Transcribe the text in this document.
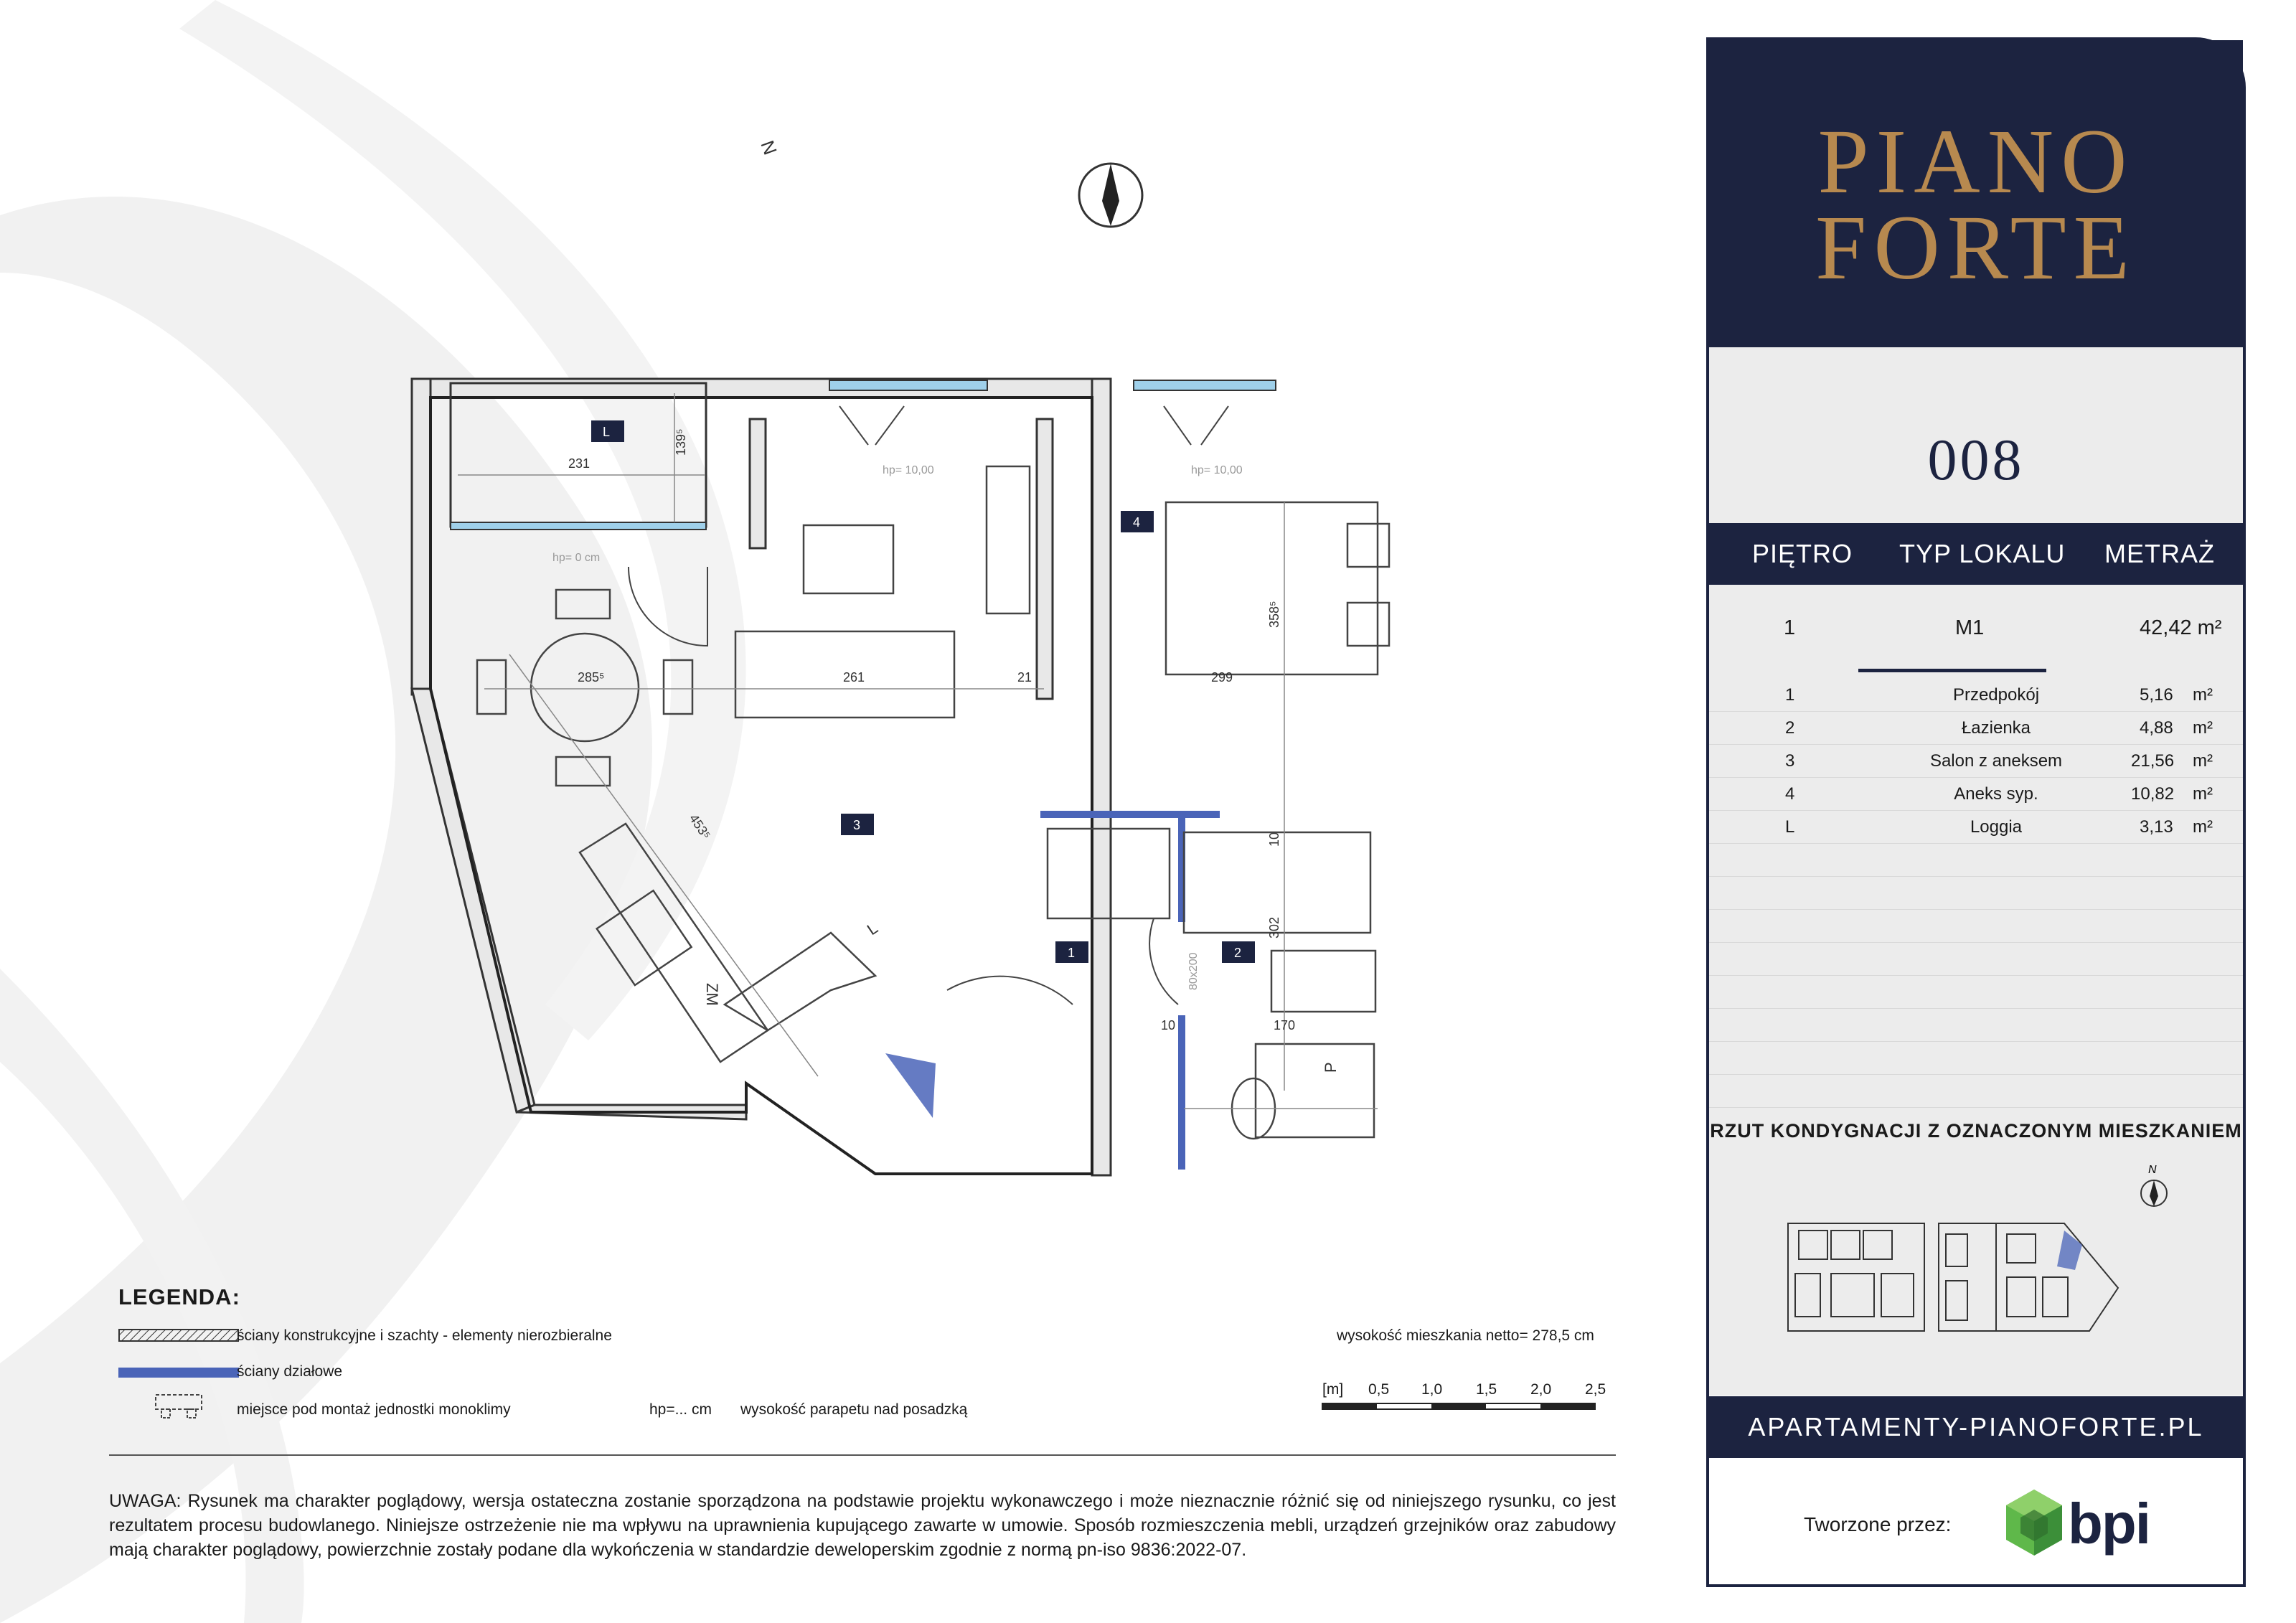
N
231
139⁵
hp= 10,00	hp= 10,00
hp= 0 cm
285⁵	261	21	299
358⁵
453⁵	10
302
80x200
10	170
ZM
L
P
L
4
3
1	2
LEGENDA:
ściany konstrukcyjne i szachty - elementy nierozbieralne
ściany działowe
miejsce pod montaż jednostki monoklimy	hp=... cm wysokość parapetu nad posadzką
wysokość mieszkania netto= 278,5 cm
[m] 0,5 1,0 1,5 2,0 2,5
UWAGA: Rysunek ma charakter poglądowy, wersja ostateczna zostanie sporządzona na podstawie projektu wykonawczego i może nieznacznie różnić się od niniejszego rysunku, co jest rezultatem procesu budowlanego. Niniejsze ostrzeżenie nie ma wpływu na uprawnienia kupującego zawarte w umowie. Sposób rozmieszczenia mebli, urządzeń grzejników oraz zabudowy mają charakter poglądowy, powierzchnie zostały podane dla wykończenia w standardzie deweloperskim zgodnie z normą pn-iso 9836:2022-07.
PIANO
FORTE
008
PIĘTRO TYP LOKALU METRAŻ
1	M1	42,42 m²
1	Przedpokój	5,16 m²
2	Łazienka	4,88 m²
3	Salon z aneksem	21,56 m²
4	Aneks syp.	10,82 m²
L	Loggia	3,13 m²
RZUT KONDYGNACJI Z OZNACZONYM MIESZKANIEM
N
APARTAMENTY-PIANOFORTE.PL
Tworzone przez: bpi
